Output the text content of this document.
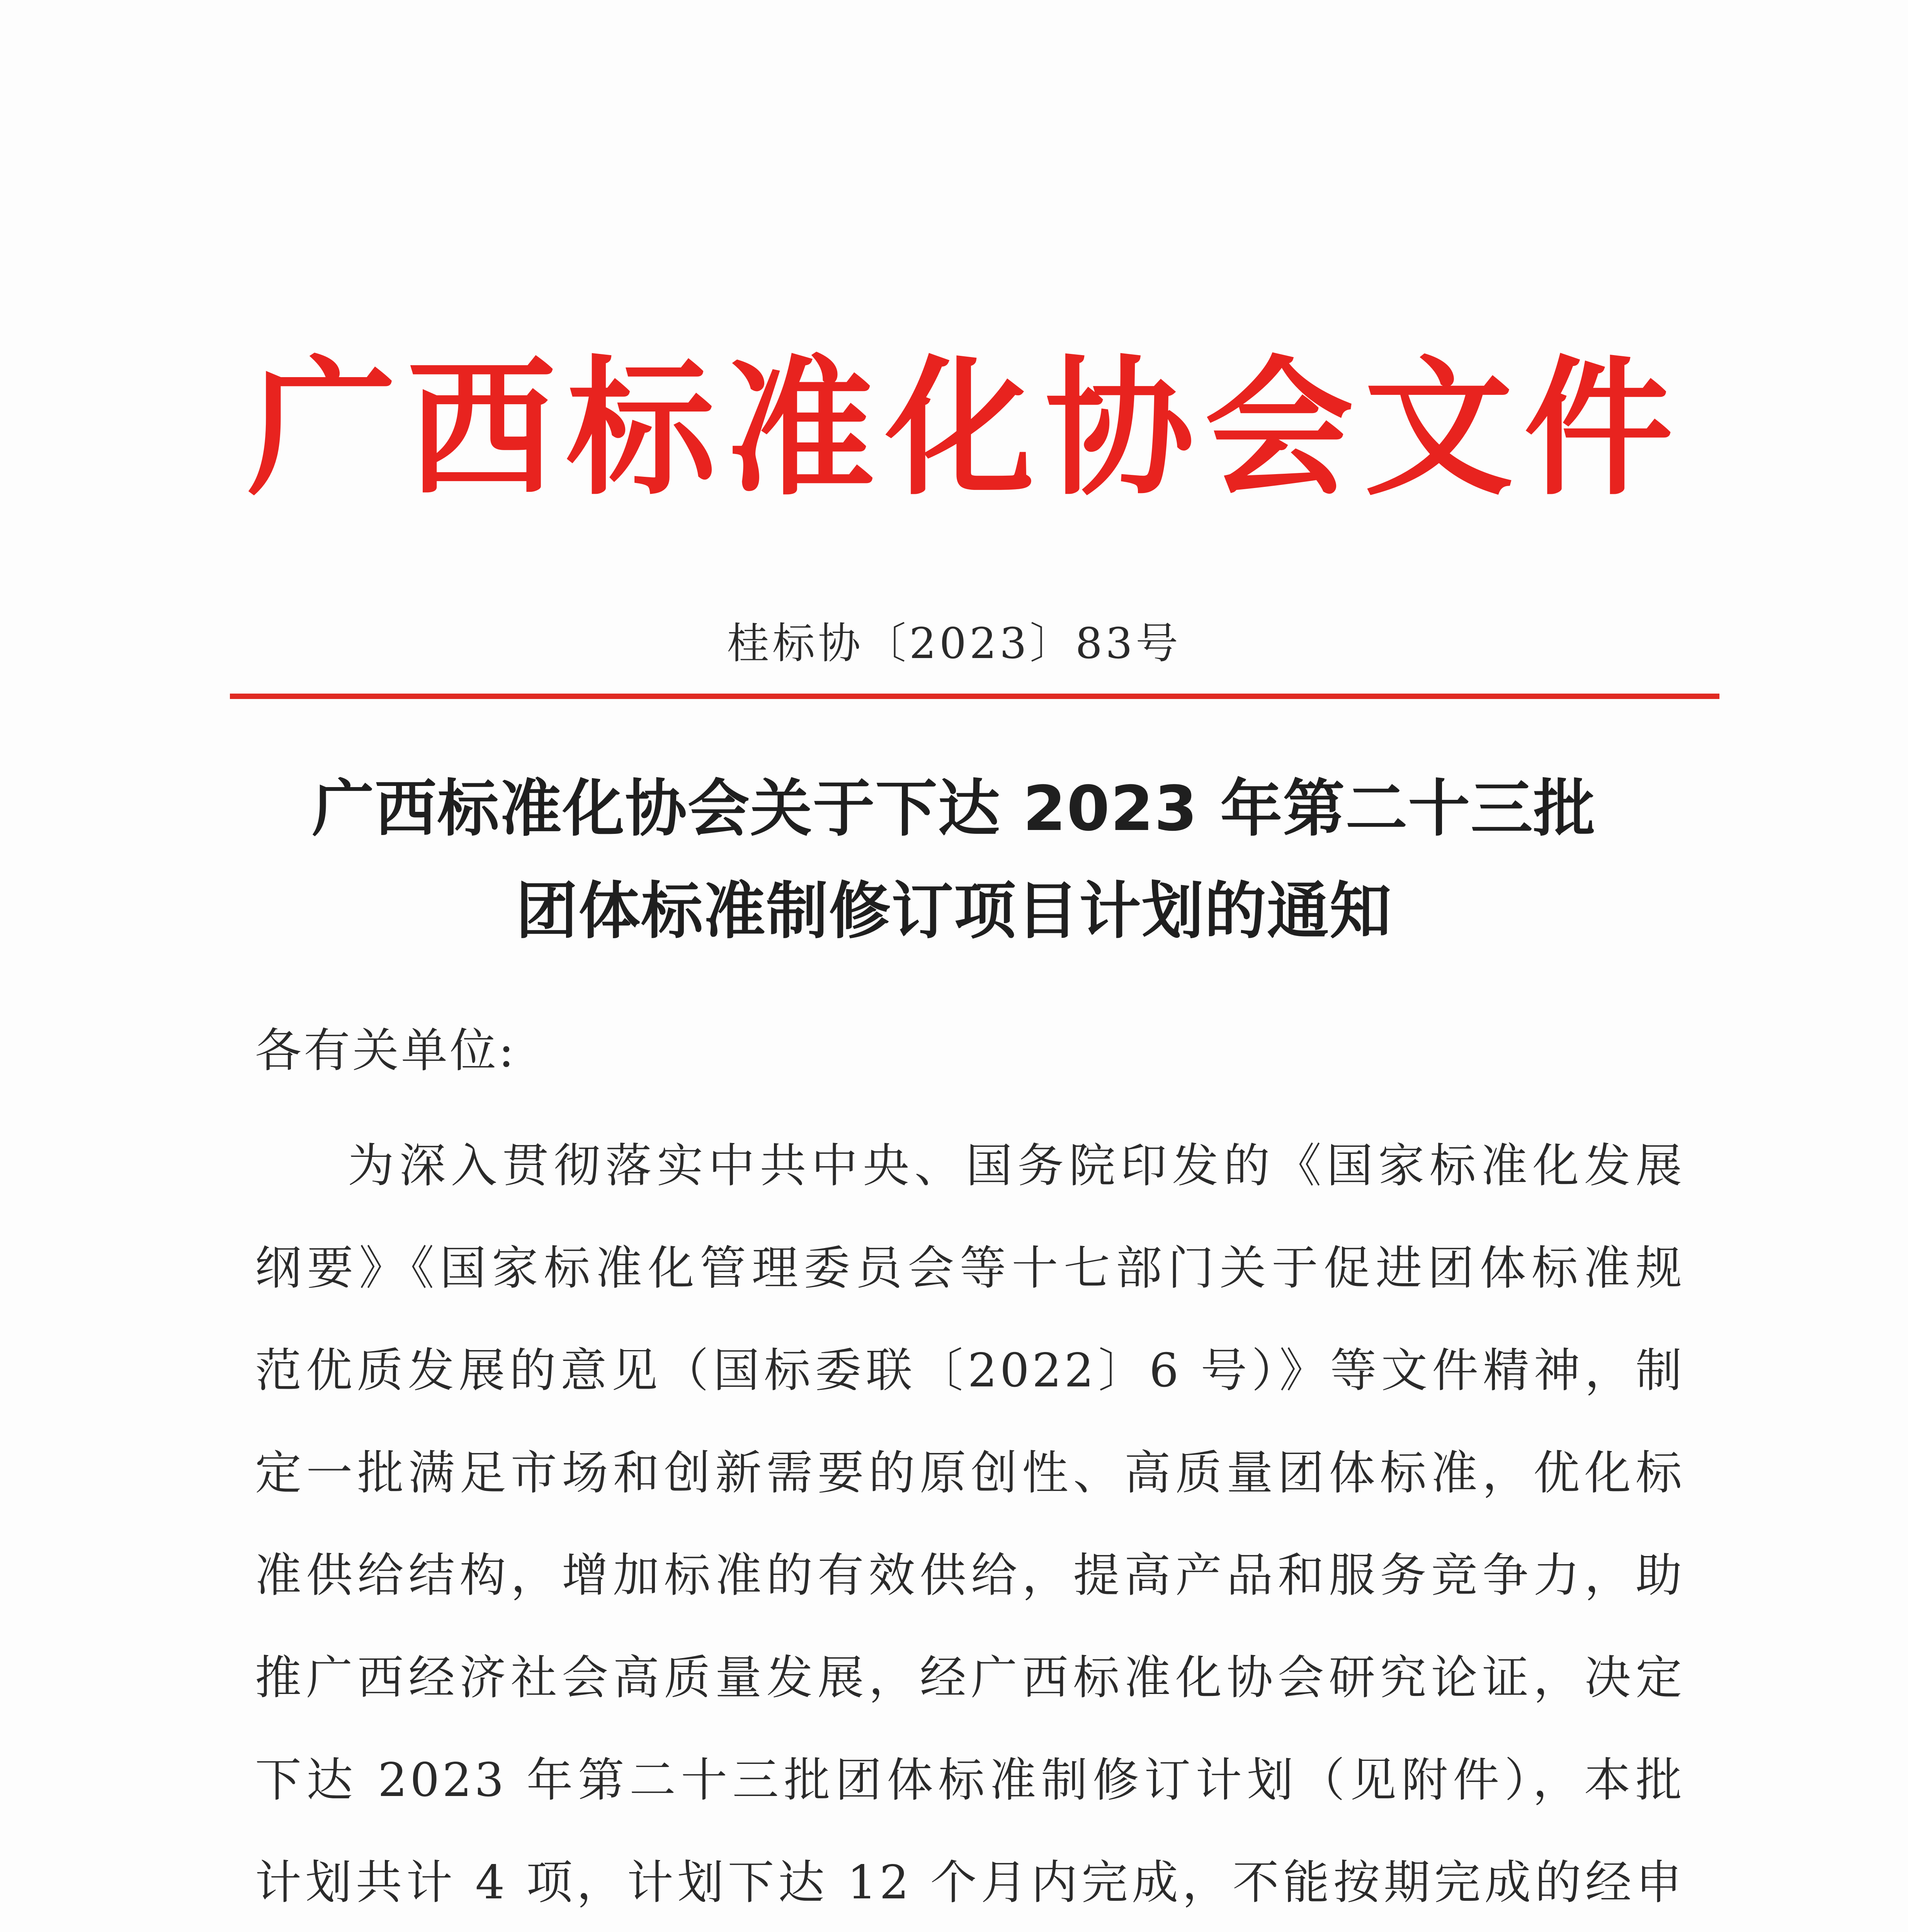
广西标准化协会文件
桂标协〔2023〕83号
广西标准化协会关于下达 2023 年第二十三批
团体标准制修订项目计划的通知
各有关单位:
为深入贯彻落实中共中央、国务院印发的《国家标准化发展
纲要》《国家标准化管理委员会等十七部门关于促进团体标准规
范优质发展的意见（国标委联〔2022〕6 号）》等文件精神，制
定一批满足市场和创新需要的原创性、高质量团体标准，优化标
准供给结构，增加标准的有效供给，提高产品和服务竞争力，助
推广西经济社会高质量发展，经广西标准化协会研究论证，决定
下达 2023 年第二十三批团体标准制修订计划（见附件），本批
计划共计 4 项，计划下达 12 个月内完成，不能按期完成的经申
